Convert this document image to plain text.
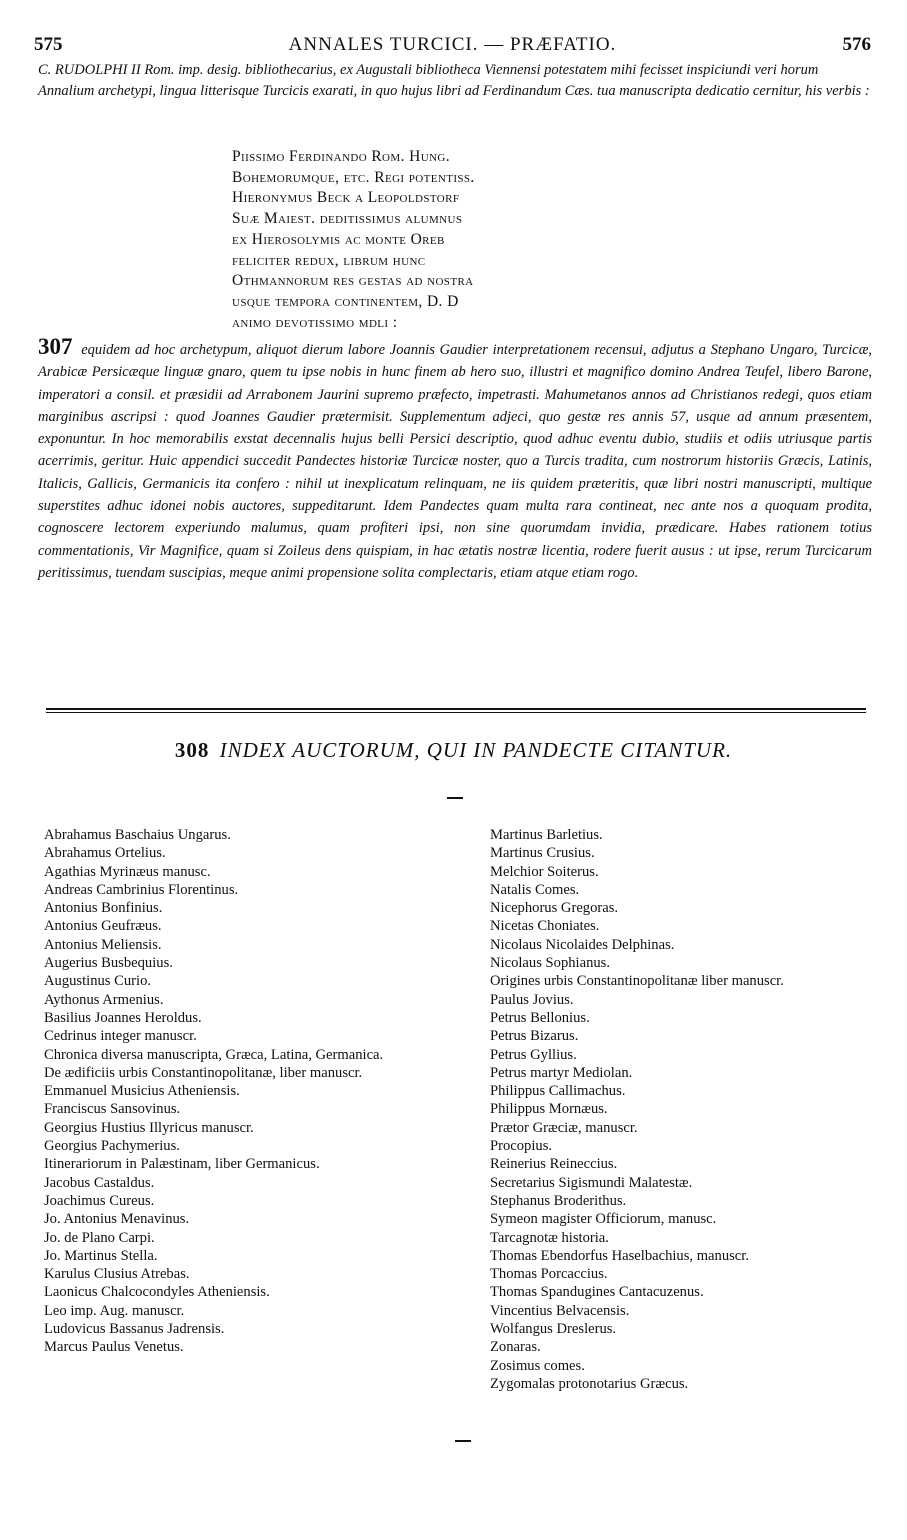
575	ANNALES TURCICI. — PRÆFATIO.	576
C. RUDOLPHI II Rom. imp. desig. bibliothecarius, ex Augustali bibliotheca Viennensi potestatem mihi fecisset inspiciundi veri horum Annalium archetypi, lingua litterisque Turcicis exarati, in quo hujus libri ad Ferdinandum Cæs. tua manuscripta dedicatio cernitur, his verbis :
Piissimo Ferdinando Rom. Hung.
Bohemorumque, etc. Regi potentiss.
Hieronymus Beck a Leopoldstorf
Suæ Maiest. deditissimus alumnus
ex Hierosolymis ac monte Oreb
feliciter redux, librum hunc
Othmannorum res gestas ad nostra
usque tempora continentem, D. D
animo devotissimo mdli :
307 equidem ad hoc archetypum, aliquot dierum labore Joannis Gaudier interpretationem recensui, adjutus a Stephano Ungaro, Turcicæ, Arabicæ Persicæque linguæ gnaro, quem tu ipse nobis in hunc finem ab hero suo, illustri et magnifico domino Andrea Teufel, libero Barone, imperatori a consil. et præsidii ad Arrabonem Jaurini supremo præfecto, impetrasti. Mahumetanos annos ad Christianos redegi, quos etiam marginibus ascripsi : quod Joannes Gaudier prætermisit. Supplementum adjeci, quo gestæ res annis 57, usque ad annum præsentem, exponuntur. In hoc memorabilis exstat decennalis hujus belli Persici descriptio, quod adhuc eventu dubio, studiis et odiis utriusque partis acerrimis, geritur. Huic appendici succedit Pandectes historiæ Turcicæ noster, quo a Turcis tradita, cum nostrorum historiis Græcis, Latinis, Italicis, Gallicis, Germanicis ita confero : nihil ut inexplicatum relinquam, ne iis quidem præteritis, quæ libri nostri manuscripti, multique superstites adhuc idonei nobis auctores, suppeditarunt. Idem Pandectes quam multa rara contineat, nec ante nos a quoquam prodita, cognoscere lectorem experiundo malumus, quam profiteri ipsi, non sine quorumdam invidia, prædicare. Habes rationem totius commentationis, Vir Magnifice, quam si Zoileus dens quispiam, in hac ætatis nostræ licentia, rodere fuerit ausus : ut ipse, rerum Turcicarum peritissimus, tuendam suscipias, meque animi propensione solita complectaris, etiam atque etiam rogo.
308 INDEX AUCTORUM, QUI IN PANDECTE CITANTUR.
Abrahamus Baschaius Ungarus.
Abrahamus Ortelius.
Agathias Myrinæus manusc.
Andreas Cambrinius Florentinus.
Antonius Bonfinius.
Antonius Geufræus.
Antonius Meliensis.
Augerius Busbequius.
Augustinus Curio.
Aythonus Armenius.
Basilius Joannes Heroldus.
Cedrinus integer manuscr.
Chronica diversa manuscripta, Græca, Latina, Germanica.
De ædificiis urbis Constantinopolitanæ, liber manuscr.
Emmanuel Musicius Atheniensis.
Franciscus Sansovinus.
Georgius Hustius Illyricus manuscr.
Georgius Pachymerius.
Itinerariorum in Palæstinam, liber Germanicus.
Jacobus Castaldus.
Joachimus Cureus.
Jo. Antonius Menavinus.
Jo. de Plano Carpi.
Jo. Martinus Stella.
Karulus Clusius Atrebas.
Laonicus Chalcocondyles Atheniensis.
Leo imp. Aug. manuscr.
Ludovicus Bassanus Jadrensis.
Marcus Paulus Venetus.
Martinus Barletius.
Martinus Crusius.
Melchior Soiterus.
Natalis Comes.
Nicephorus Gregoras.
Nicetas Choniates.
Nicolaus Nicolaides Delphinas.
Nicolaus Sophianus.
Origines urbis Constantinopolitanæ liber manuscr.
Paulus Jovius.
Petrus Bellonius.
Petrus Bizarus.
Petrus Gyllius.
Petrus martyr Mediolan.
Philippus Callimachus.
Philippus Mornæus.
Prætor Græciæ, manuscr.
Procopius.
Reinerius Reineccius.
Secretarius Sigismundi Malatestæ.
Stephanus Broderithus.
Symeon magister Officiorum, manusc.
Tarcagnotæ historia.
Thomas Ebendorfus Haselbachius, manuscr.
Thomas Porcaccius.
Thomas Spandugines Cantacuzenus.
Vincentius Belvacensis.
Wolfangus Dreslerus.
Zonaras.
Zosimus comes.
Zygomalas protonotarius Græcus.
